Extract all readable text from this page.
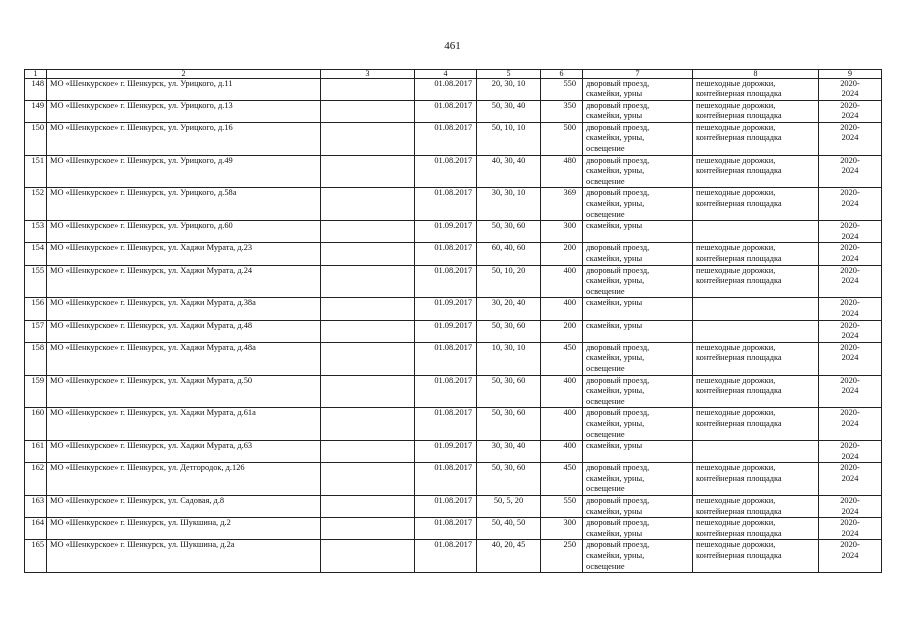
461
1	2	3	4	5	6	7	8	9
148	МО «Шенкурское» г. Шенкурск, ул. Урицкого, д.11		01.08.2017	20, 30, 10	550	дворовый проезд,
скамейки, урны	пешеходные дорожки,
контейнерная площадка	2020-
2024
149	МО «Шенкурское» г. Шенкурск, ул. Урицкого, д.13		01.08.2017	50, 30, 40	350	дворовый проезд,
скамейки, урны	пешеходные дорожки,
контейнерная площадка	2020-
2024
150	МО «Шенкурское» г. Шенкурск, ул. Урицкого, д.16		01.08.2017	50, 10, 10	500	дворовый проезд,
скамейки, урны,
освещение	пешеходные дорожки,
контейнерная площадка	2020-
2024
151	МО «Шенкурское» г. Шенкурск, ул. Урицкого, д.49		01.08.2017	40, 30, 40	480	дворовый проезд,
скамейки, урны,
освещение	пешеходные дорожки,
контейнерная площадка	2020-
2024
152	МО «Шенкурское» г. Шенкурск, ул. Урицкого, д.58а		01.08.2017	30, 30, 10	369	дворовый проезд,
скамейки, урны,
освещение	пешеходные дорожки,
контейнерная площадка	2020-
2024
153	МО «Шенкурское» г. Шенкурск, ул. Урицкого, д.60		01.09.2017	50, 30, 60	300	скамейки, урны		2020-
2024
154	МО «Шенкурское» г. Шенкурск, ул. Хаджи Мурата, д.23		01.08.2017	60, 40, 60	200	дворовый проезд,
скамейки, урны	пешеходные дорожки,
контейнерная площадка	2020-
2024
155	МО «Шенкурское» г. Шенкурск, ул. Хаджи Мурата, д.24		01.08.2017	50, 10, 20	400	дворовый проезд,
скамейки, урны,
освещение	пешеходные дорожки,
контейнерная площадка	2020-
2024
156	МО «Шенкурское» г. Шенкурск, ул. Хаджи Мурата, д.38а		01.09.2017	30, 20, 40	400	скамейки, урны		2020-
2024
157	МО «Шенкурское» г. Шенкурск, ул. Хаджи Мурата, д.48		01.09.2017	50, 30, 60	200	скамейки, урны		2020-
2024
158	МО «Шенкурское» г. Шенкурск, ул. Хаджи Мурата, д.48а		01.08.2017	10, 30, 10	450	дворовый проезд,
скамейки, урны,
освещение	пешеходные дорожки,
контейнерная площадка	2020-
2024
159	МО «Шенкурское» г. Шенкурск, ул. Хаджи Мурата, д.50		01.08.2017	50, 30, 60	400	дворовый проезд,
скамейки, урны,
освещение	пешеходные дорожки,
контейнерная площадка	2020-
2024
160	МО «Шенкурское» г. Шенкурск, ул. Хаджи Мурата, д.61а		01.08.2017	50, 30, 60	400	дворовый проезд,
скамейки, урны,
освещение	пешеходные дорожки,
контейнерная площадка	2020-
2024
161	МО «Шенкурское» г. Шенкурск, ул. Хаджи Мурата, д.63		01.09.2017	30, 30, 40	400	скамейки, урны		2020-
2024
162	МО «Шенкурское» г. Шенкурск, ул. Детгородок, д.126		01.08.2017	50, 30, 60	450	дворовый проезд,
скамейки, урны,
освещение	пешеходные дорожки,
контейнерная площадка	2020-
2024
163	МО «Шенкурское» г. Шенкурск, ул. Садовая, д.8		01.08.2017	50, 5, 20	550	дворовый проезд,
скамейки, урны	пешеходные дорожки,
контейнерная площадка	2020-
2024
164	МО «Шенкурское» г. Шенкурск, ул. Шукшина, д.2		01.08.2017	50, 40, 50	300	дворовый проезд,
скамейки, урны	пешеходные дорожки,
контейнерная площадка	2020-
2024
165	МО «Шенкурское» г. Шенкурск, ул. Шукшина, д.2а		01.08.2017	40, 20, 45	250	дворовый проезд,
скамейки, урны,
освещение	пешеходные дорожки,
контейнерная площадка	2020-
2024
